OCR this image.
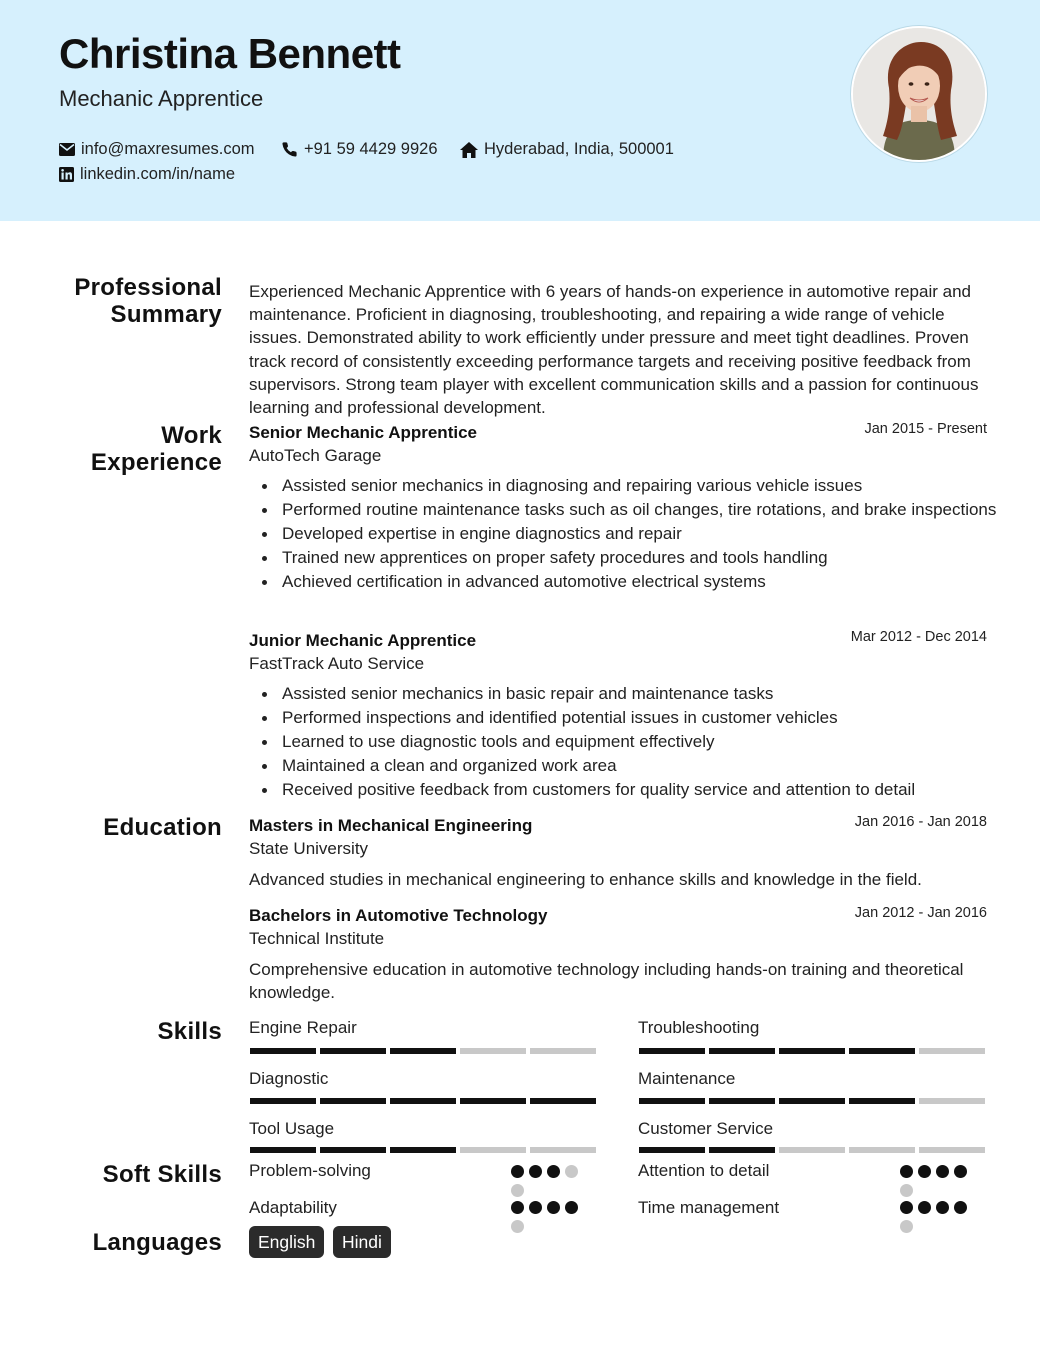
Christina Bennett
Mechanic Apprentice
info@maxresumes.com	+91 59 4429 9926	Hyderabad, India, 500001
linkedin.com/in/name
Professional
Summary
Experienced Mechanic Apprentice with 6 years of hands-on experience in automotive repair and maintenance. Proficient in diagnosing, troubleshooting, and repairing a wide range of vehicle issues. Demonstrated ability to work efficiently under pressure and meet tight deadlines. Proven track record of consistently exceeding performance targets and receiving positive feedback from supervisors. Strong team player with excellent communication skills and a passion for continuous learning and professional development.
Work
Experience
Senior Mechanic Apprentice	Jan 2015 - Present
AutoTech Garage
Assisted senior mechanics in diagnosing and repairing various vehicle issues
Performed routine maintenance tasks such as oil changes, tire rotations, and brake inspections
Developed expertise in engine diagnostics and repair
Trained new apprentices on proper safety procedures and tools handling
Achieved certification in advanced automotive electrical systems
Junior Mechanic Apprentice	Mar 2012 - Dec 2014
FastTrack Auto Service
Assisted senior mechanics in basic repair and maintenance tasks
Performed inspections and identified potential issues in customer vehicles
Learned to use diagnostic tools and equipment effectively
Maintained a clean and organized work area
Received positive feedback from customers for quality service and attention to detail
Education Masters in Mechanical Engineering	Jan 2016 - Jan 2018
State University
Advanced studies in mechanical engineering to enhance skills and knowledge in the field.
Bachelors in Automotive Technology	Jan 2012 - Jan 2016
Technical Institute
Comprehensive education in automotive technology including hands-on training and theoretical knowledge.
Skills Engine Repair	Troubleshooting
Diagnostic	Maintenance
Tool Usage	Customer Service
Soft Skills Problem-solving	Attention to detail
Adaptability	Time management
Languages	English	Hindi
